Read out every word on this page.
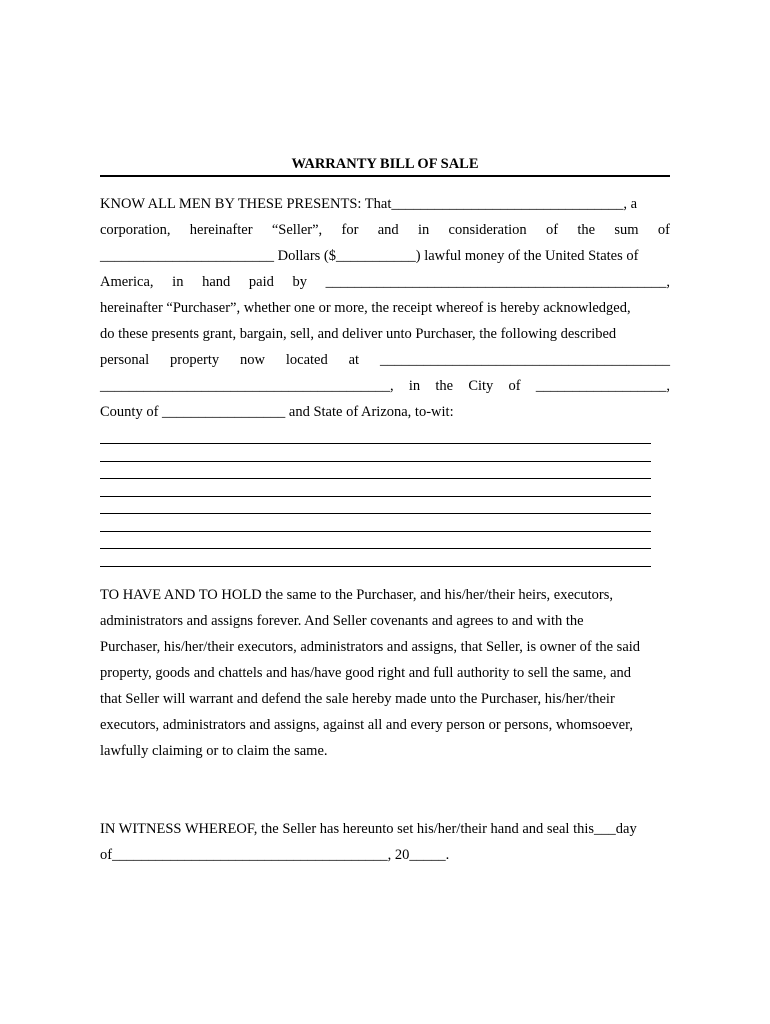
WARRANTY BILL OF SALE
KNOW ALL MEN BY THESE PRESENTS: That________________________________, a
corporation, hereinafter “Seller”, for and in consideration of the sum of
________________________ Dollars ($___________) lawful money of the United States of
America, in hand paid by _______________________________________________,
hereinafter “Purchaser”, whether one or more, the receipt whereof is hereby acknowledged,
do these presents grant, bargain, sell, and deliver unto Purchaser, the following described
personal property now located at ________________________________________
________________________________________, in the City of __________________,
County of _________________ and State of Arizona, to-wit:
TO HAVE AND TO HOLD the same to the Purchaser, and his/her/their heirs, executors,
administrators and assigns forever. And Seller covenants and agrees to and with the
Purchaser, his/her/their executors, administrators and assigns, that Seller, is owner of the said
property, goods and chattels and has/have good right and full authority to sell the same, and
that Seller will warrant and defend the sale hereby made unto the Purchaser, his/her/their
executors, administrators and assigns, against all and every person or persons, whomsoever,
lawfully claiming or to claim the same.
IN WITNESS WHEREOF, the Seller has hereunto set his/her/their hand and seal this___day
of______________________________________, 20_____.
